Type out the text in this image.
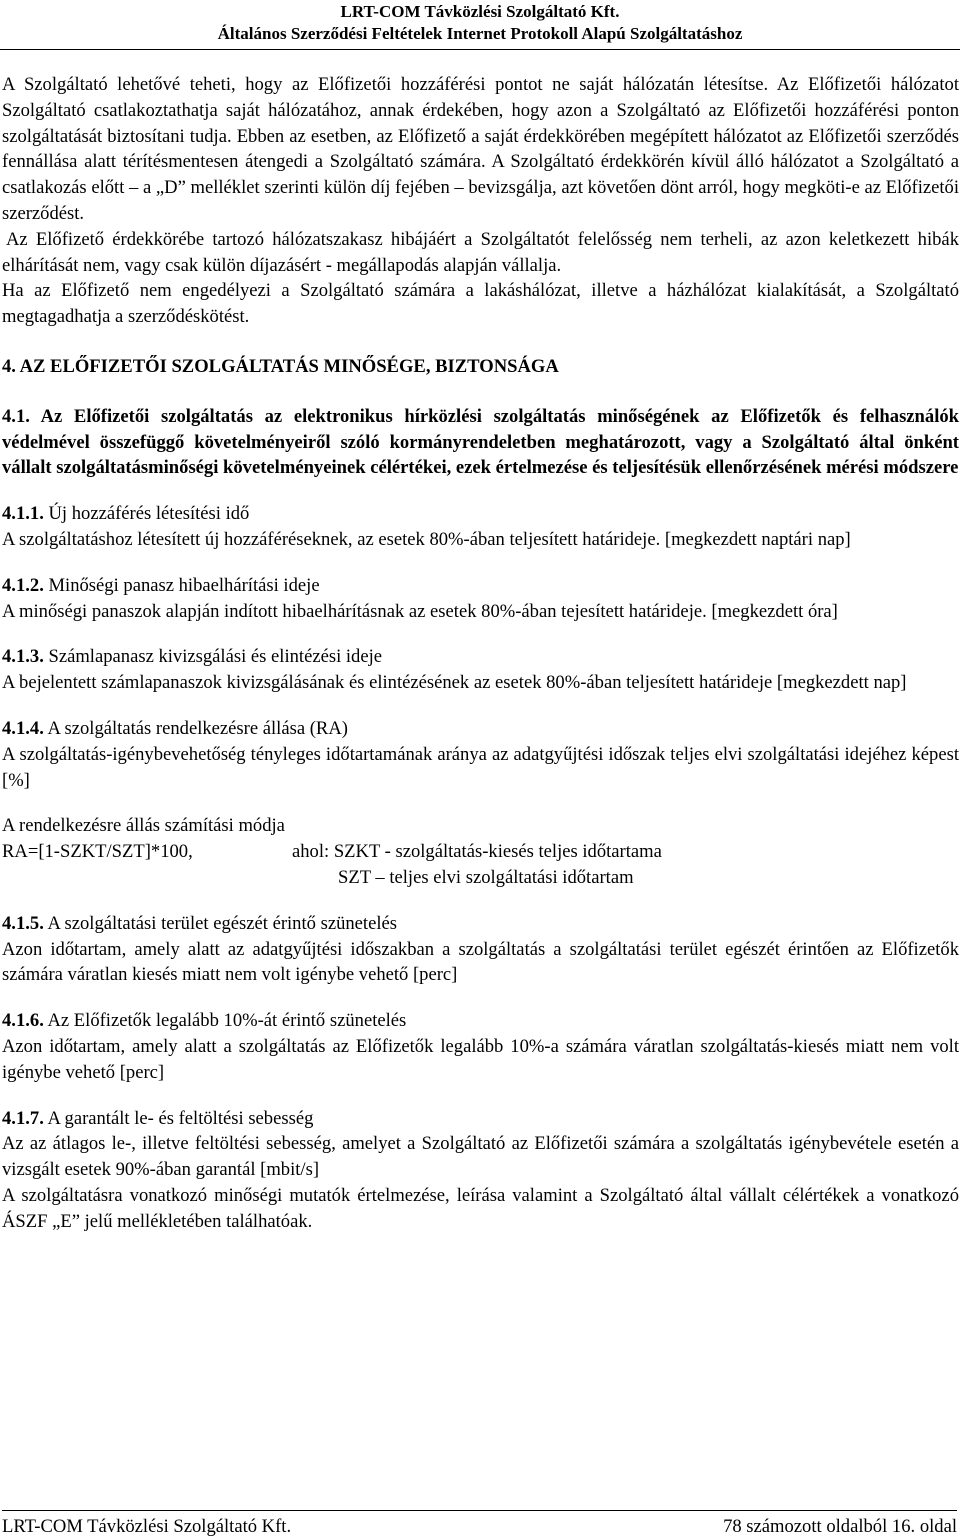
LRT-COM Távközlési Szolgáltató Kft.
Általános Szerződési Feltételek Internet Protokoll Alapú Szolgáltatáshoz

A Szolgáltató lehetővé teheti, hogy az Előfizetői hozzáférési pontot ne saját hálózatán létesítse. Az Előfizetői hálózatot Szolgáltató csatlakoztathatja saját hálózatához, annak érdekében, hogy azon a Szolgáltató az Előfizetői hozzáférési ponton szolgáltatását biztosítani tudja. Ebben az esetben, az Előfizető a saját érdekkörében megépített hálózatot az Előfizetői szerződés fennállása alatt térítésmentesen átengedi a Szolgáltató számára. A Szolgáltató érdekkörén kívül álló hálózatot a Szolgáltató a csatlakozás előtt – a „D” melléklet szerinti külön díj fejében – bevizsgálja, azt követően dönt arról, hogy megköti-e az Előfizetői szerződést.

Az Előfizető érdekkörébe tartozó hálózatszakasz hibájáért a Szolgáltatót felelősség nem terheli, az azon keletkezett hibák elhárítását nem, vagy csak külön díjazásért - megállapodás alapján vállalja.

Ha az Előfizető nem engedélyezi a Szolgáltató számára a lakáshálózat, illetve a házhálózat kialakítását, a Szolgáltató megtagadhatja a szerződéskötést.

4. AZ ELŐFIZETŐI SZOLGÁLTATÁS MINŐSÉGE, BIZTONSÁGA

4.1. Az Előfizetői szolgáltatás az elektronikus hírközlési szolgáltatás minőségének az Előfizetők és felhasználók védelmével összefüggő követelményeiről szóló kormányrendeletben meghatározott, vagy a Szolgáltató által önként vállalt szolgáltatásminőségi követelményeinek célértékei, ezek értelmezése és teljesítésük ellenőrzésének mérési módszere

4.1.1. Új hozzáférés létesítési idő

A szolgáltatáshoz létesített új hozzáféréseknek, az esetek 80%-ában teljesített határideje. [megkezdett naptári nap]

4.1.2. Minőségi panasz hibaelhárítási ideje

A minőségi panaszok alapján indított hibaelhárításnak az esetek 80%-ában tejesített határideje. [megkezdett óra]

4.1.3. Számlapanasz kivizsgálási és elintézési ideje

A bejelentett számlapanaszok kivizsgálásának és elintézésének az esetek 80%-ában teljesített határideje [megkezdett nap]

4.1.4. A szolgáltatás rendelkezésre állása (RA)

A szolgáltatás-igénybevehetőség tényleges időtartamának aránya az adatgyűjtési időszak teljes elvi szolgáltatási idejéhez képest [%]

A rendelkezésre állás számítási módja

RA=[1-SZKT/SZT]*100,	ahol: SZKT - szolgáltatás-kiesés teljes időtartama
SZT – teljes elvi szolgáltatási időtartam

4.1.5. A szolgáltatási terület egészét érintő szünetelés

Azon időtartam, amely alatt az adatgyűjtési időszakban a szolgáltatás a szolgáltatási terület egészét érintően az Előfizetők számára váratlan kiesés miatt nem volt igénybe vehető [perc]

4.1.6. Az Előfizetők legalább 10%-át érintő szünetelés

Azon időtartam, amely alatt a szolgáltatás az Előfizetők legalább 10%-a számára váratlan szolgáltatás-kiesés miatt nem volt igénybe vehető [perc]

4.1.7. A garantált le- és feltöltési sebesség

Az az átlagos le-, illetve feltöltési sebesség, amelyet a Szolgáltató az Előfizetői számára a szolgáltatás igénybevétele esetén a vizsgált esetek 90%-ában garantál [mbit/s]

A szolgáltatásra vonatkozó minőségi mutatók értelmezése, leírása valamint a Szolgáltató által vállalt célértékek a vonatkozó ÁSZF „E” jelű mellékletében találhatóak.

LRT-COM Távközlési Szolgáltató Kft.	78 számozott oldalból 16. oldal
